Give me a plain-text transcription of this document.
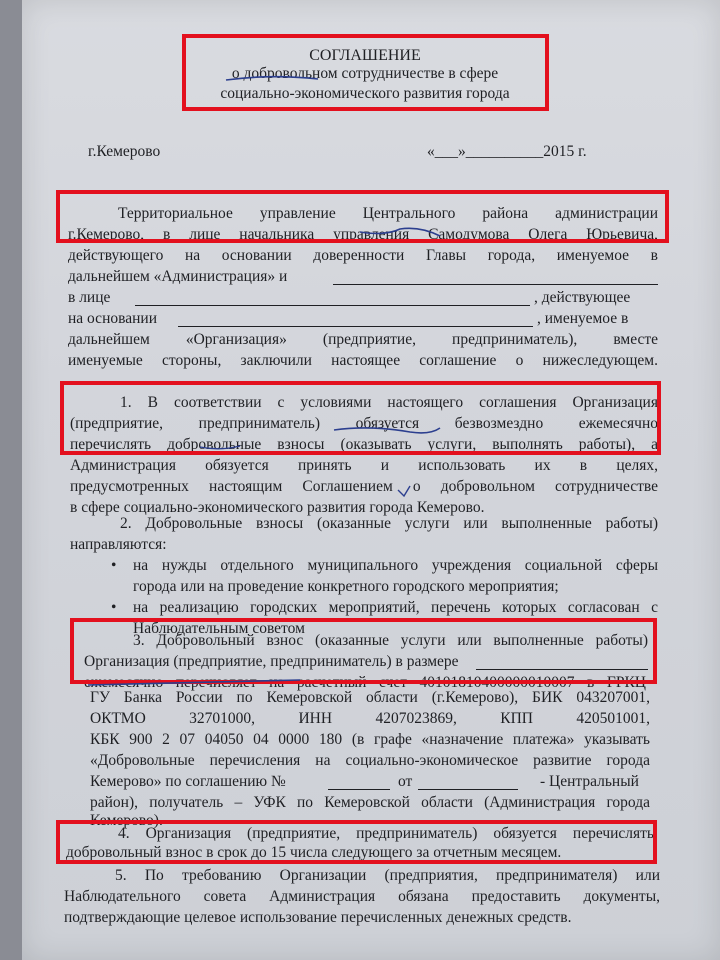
СОГЛАШЕНИЕ
о добровольном сотрудничестве в сфере
социально-экономического развития города
г.Кемерово	«___»__________2015 г.
Территориальное управление Центрального района администрации
г.Кемерово, в лице начальника управления Самодумова Олега Юрьевича,
действующего на основании доверенности Главы города, именуемое в
дальнейшем «Администрация» и
в лице	, действующее
на основании	, именуемое в
дальнейшем «Организация» (предприятие, предприниматель), вместе
именуемые стороны, заключили настоящее соглашение о нижеследующем.
1. В соответствии с условиями настоящего соглашения Организация
(предприятие, предприниматель) обязуется безвозмездно ежемесячно
перечислять добровольные взносы (оказывать услуги, выполнять работы), а
Администрация обязуется принять и использовать их в целях,
предусмотренных настоящим Соглашением о добровольном сотрудничестве
в сфере социально-экономического развития города Кемерово.
2. Добровольные взносы (оказанные услуги или выполненные работы)
направляются:
• на нужды отдельного муниципального учреждения социальной сферы
города или на проведение конкретного городского мероприятия;
• на реализацию городских мероприятий, перечень которых согласован с
Наблюдательным советом
3. Добровольный взнос (оказанные услуги или выполненные работы)
Организация (предприятие, предприниматель) в размере
ежемесячно перечисляет на расчетный счет 40101810400000010007 в ГРКЦ
ГУ Банка России по Кемеровской области (г.Кемерово), БИК 043207001,
ОКТМО 32701000, ИНН 4207023869, КПП 420501001,
КБК 900 2 07 04050 04 0000 180 (в графе «назначение платежа» указывать
«Добровольные перечисления на социально-экономическое развитие города
Кемерово» по соглашению №	от	- Центральный
район), получатель – УФК по Кемеровской области (Администрация города
Кемерово).
4. Организация (предприятие, предприниматель) обязуется перечислять
добровольный взнос в срок до 15 числа следующего за отчетным месяцем.
5. По требованию Организации (предприятия, предпринимателя) или
Наблюдательного совета Администрация обязана предоставить документы,
подтверждающие целевое использование перечисленных денежных средств.
